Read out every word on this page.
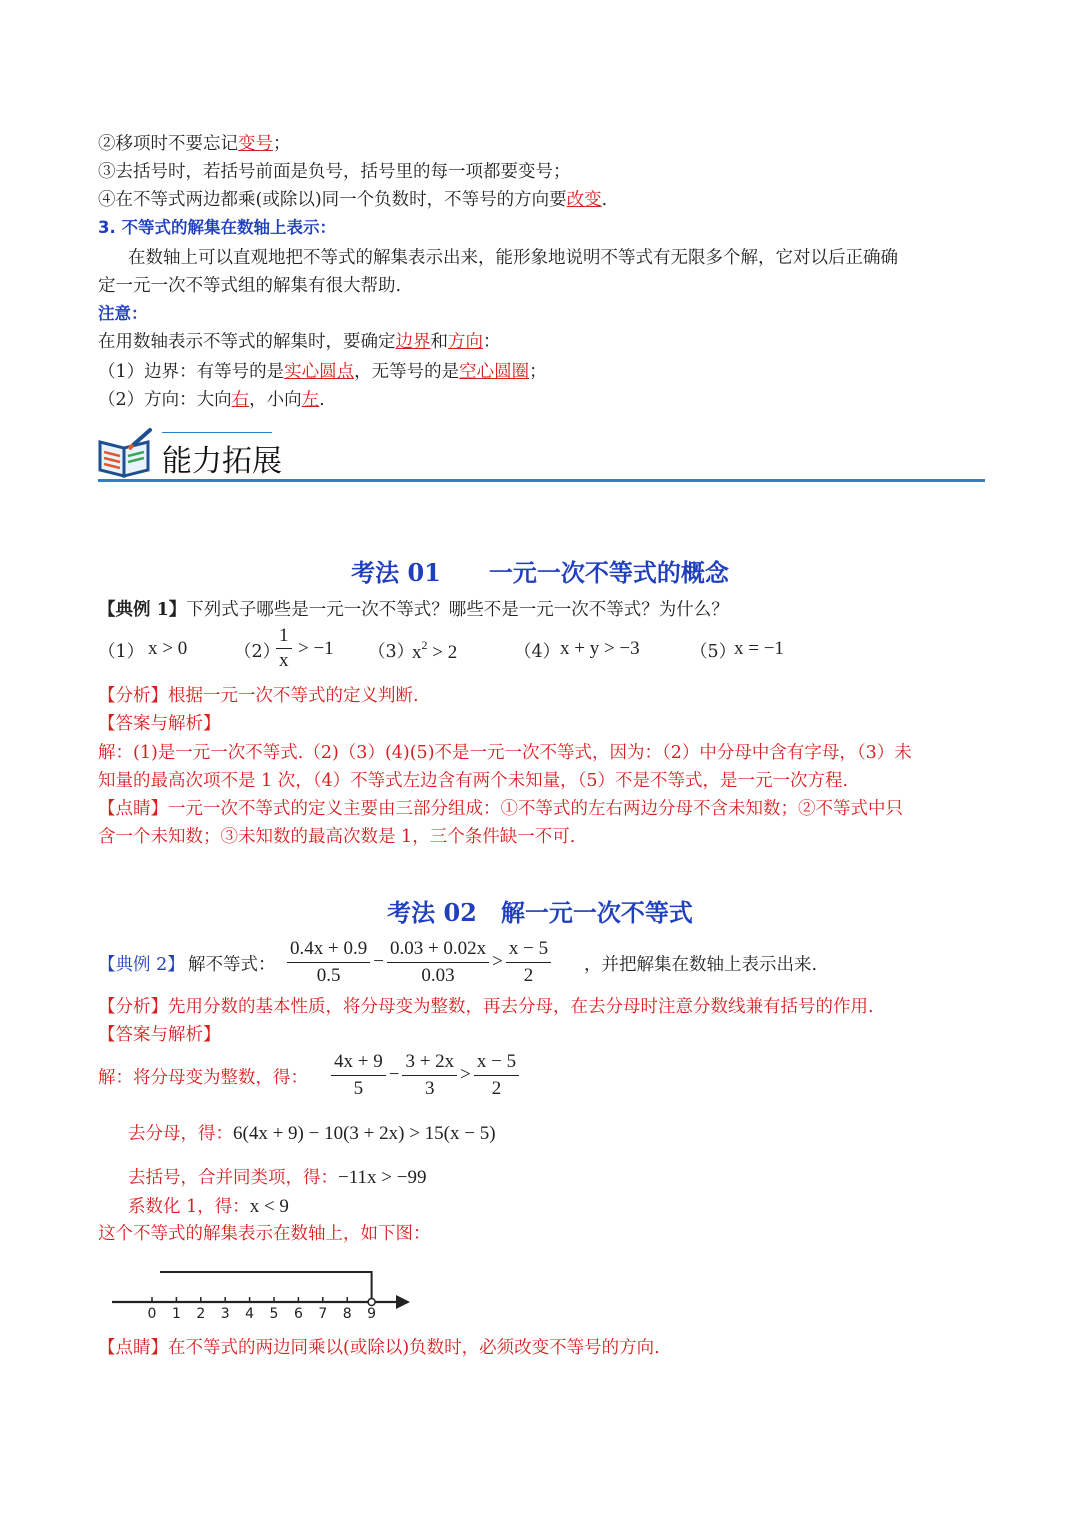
②移项时不要忘记变号；
③去括号时，若括号前面是负号，括号里的每一项都要变号；
④在不等式两边都乘(或除以)同一个负数时，不等号的方向要改变.
3. 不等式的解集在数轴上表示：
在数轴上可以直观地把不等式的解集表示出来，能形象地说明不等式有无限多个解，它对以后正确确
定一元一次不等式组的解集有很大帮助.
注意：
在用数轴表示不等式的解集时，要确定边界和方向：
（1）边界：有等号的是实心圆点，无等号的是空心圆圈；
（2）方向：大向右，小向左.
能力拓展
考法 01　　一元一次不等式的概念
【典例 1】下列式子哪些是一元一次不等式？哪些不是一元一次不等式？为什么？
（1） x > 0	（2）
$\frac{1}{x} > -1$ （3）
$x^2 > 2$	（4） x + y > −3	（5）
x = −1
【分析】根据一元一次不等式的定义判断.
【答案与解析】
解：(1)是一元一次不等式.（2)（3）(4)(5)不是一元一次不等式，因为：（2）中分母中含有字母，（3）未
知量的最高次项不是 1 次，（4）不等式左边含有两个未知量，（5）不是不等式，是一元一次方程.
【点睛】一元一次不等式的定义主要由三部分组成：①不等式的左右两边分母不含未知数；②不等式中只
含一个未知数；③未知数的最高次数是 1，三个条件缺一不可.
考法 02　解一元一次不等式
【典例 2】 解不等式： $\frac{0.4x + 0.9}{0.5} - \frac{0.03 + 0.02x}{0.03} > \frac{x - 5}{2}$ ，并把解集在数轴上表示出来.
【分析】先用分数的基本性质，将分母变为整数，再去分母，在去分母时注意分数线兼有括号的作用.
【答案与解析】
解：将分母变为整数，得： $\frac{4x + 9}{5} - \frac{3 + 2x}{3} > \frac{x - 5}{2}$
去分母，得：6(4x + 9) − 10(3 + 2x) > 15(x − 5)
去括号，合并同类项，得：−11x > −99
系数化 1，得：x < 9
这个不等式的解集表示在数轴上，如下图：
0 1 2 3 4 5 6 7 8 9
【点睛】在不等式的两边同乘以(或除以)负数时，必须改变不等号的方向.
